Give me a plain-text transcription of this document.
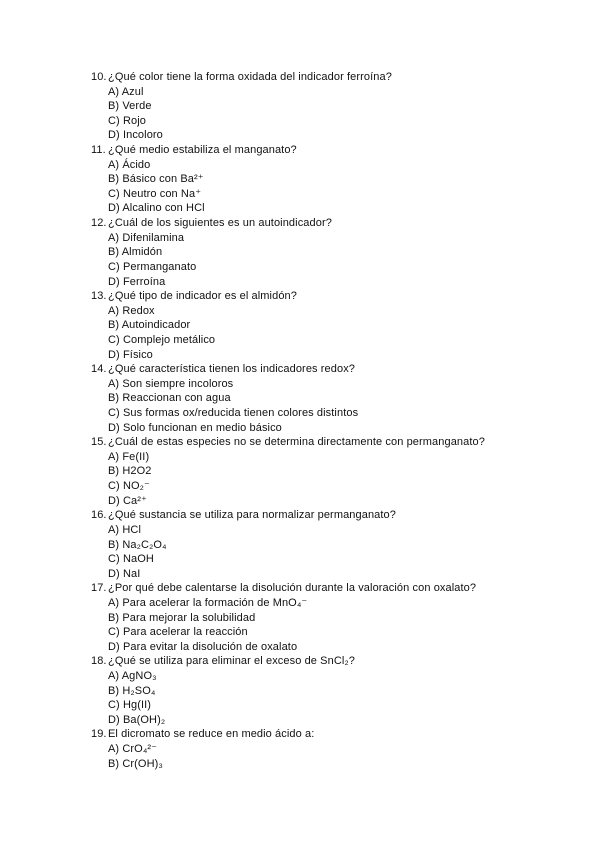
10.¿Qué color tiene la forma oxidada del indicador ferroína?
A) Azul
B) Verde
C) Rojo
D) Incoloro
11. ¿Qué medio estabiliza el manganato?
A) Ácido
B) Básico con Ba²⁺
C) Neutro con Na⁺
D) Alcalino con HCl
12.¿Cuál de los siguientes es un autoindicador?
A) Difenilamina
B) Almidón
C) Permanganato
D) Ferroína
13.¿Qué tipo de indicador es el almidón?
A) Redox
B) Autoindicador
C) Complejo metálico
D) Físico
14.¿Qué característica tienen los indicadores redox?
A) Son siempre incoloros
B) Reaccionan con agua
C) Sus formas ox/reducida tienen colores distintos
D) Solo funcionan en medio básico
15.¿Cuál de estas especies no se determina directamente con permanganato?
A) Fe(II)
B) H2O2
C) NO₂⁻
D) Ca²⁺
16.¿Qué sustancia se utiliza para normalizar permanganato?
A) HCl
B) Na₂C₂O₄
C) NaOH
D) NaI
17.¿Por qué debe calentarse la disolución durante la valoración con oxalato?
A) Para acelerar la formación de MnO₄⁻
B) Para mejorar la solubilidad
C) Para acelerar la reacción
D) Para evitar la disolución de oxalato
18.¿Qué se utiliza para eliminar el exceso de SnCl₂?
A) AgNO₃
B) H₂SO₄
C) Hg(II)
D) Ba(OH)₂
19.El dicromato se reduce en medio ácido a:
A) CrO₄²⁻
B) Cr(OH)₃
